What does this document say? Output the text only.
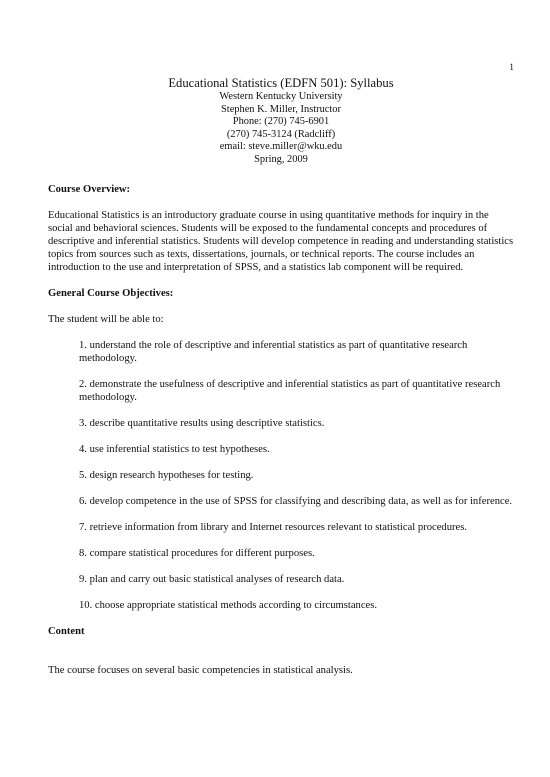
1

Educational Statistics (EDFN 501): Syllabus

Western Kentucky University

Stephen K. Miller, Instructor

Phone: (270) 745-6901

(270) 745-3124 (Radcliff)

email: steve.miller@wku.edu

Spring, 2009

Course Overview:

Educational Statistics is an introductory graduate course in using quantitative methods for inquiry in the social and behavioral sciences. Students will be exposed to the fundamental concepts and procedures of descriptive and inferential statistics. Students will develop competence in reading and understanding statistics topics from sources such as texts, dissertations, journals, or technical reports. The course includes an introduction to the use and interpretation of SPSS, and a statistics lab component will be required.

General Course Objectives:

The student will be able to:

1. understand the role of descriptive and inferential statistics as part of quantitative research methodology.
2. demonstrate the usefulness of descriptive and inferential statistics as part of quantitative research methodology.
3. describe quantitative results using descriptive statistics.
4. use inferential statistics to test hypotheses.
5. design research hypotheses for testing.
6. develop competence in the use of SPSS for classifying and describing data, as well as for inference.
7. retrieve information from library and Internet resources relevant to statistical procedures.
8. compare statistical procedures for different purposes.
9. plan and carry out basic statistical analyses of research data.
10. choose appropriate statistical methods according to circumstances.

Content

The course focuses on several basic competencies in statistical analysis.
